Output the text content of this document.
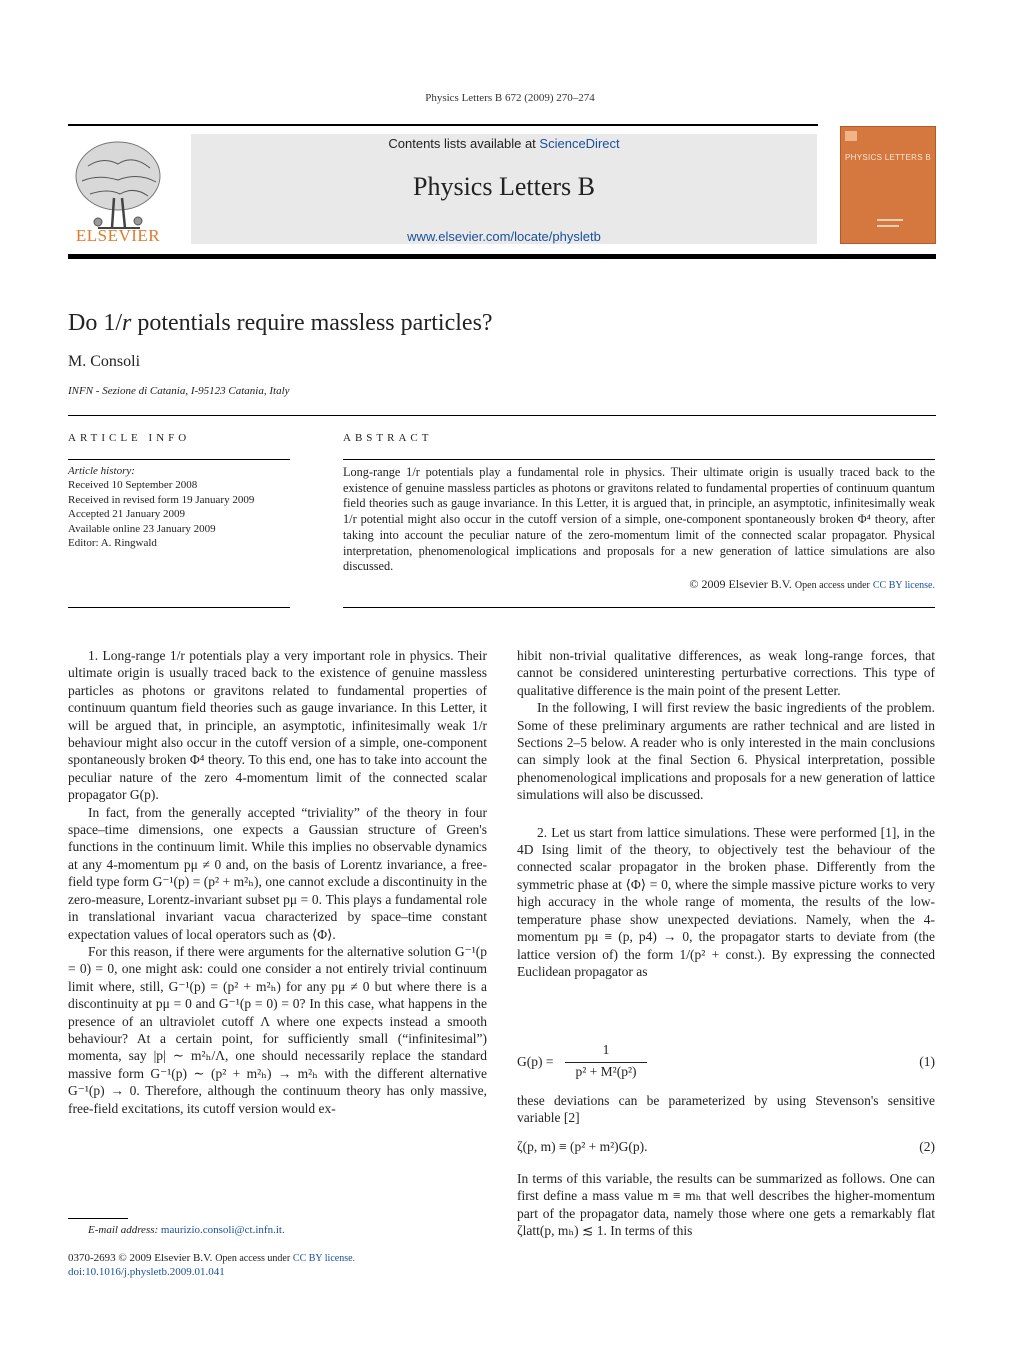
Physics Letters B 672 (2009) 270–274
ELSEVIER
Contents lists available at ScienceDirect
Physics Letters B
www.elsevier.com/locate/physletb
PHYSICS LETTERS B
Do 1/r potentials require massless particles?
M. Consoli
INFN - Sezione di Catania, I-95123 Catania, Italy
ARTICLE INFO
Article history:
Received 10 September 2008
Received in revised form 19 January 2009
Accepted 21 January 2009
Available online 23 January 2009
Editor: A. Ringwald
ABSTRACT
Long-range 1/r potentials play a fundamental role in physics. Their ultimate origin is usually traced back to the existence of genuine massless particles as photons or gravitons related to fundamental properties of continuum quantum field theories such as gauge invariance. In this Letter, it is argued that, in principle, an asymptotic, infinitesimally weak 1/r potential might also occur in the cutoff version of a simple, one-component spontaneously broken Φ⁴ theory, after taking into account the peculiar nature of the zero-momentum limit of the connected scalar propagator. Physical interpretation, phenomenological implications and proposals for a new generation of lattice simulations are also discussed.
© 2009 Elsevier B.V. Open access under CC BY license.

1. Long-range 1/r potentials play a very important role in physics. Their ultimate origin is usually traced back to the existence of genuine massless particles as photons or gravitons related to fundamental properties of continuum quantum field theories such as gauge invariance. In this Letter, it will be argued that, in principle, an asymptotic, infinitesimally weak 1/r behaviour might also occur in the cutoff version of a simple, one-component spontaneously broken Φ⁴ theory. To this end, one has to take into account the peculiar nature of the zero 4-momentum limit of the connected scalar propagator G(p).

In fact, from the generally accepted “triviality” of the theory in four space–time dimensions, one expects a Gaussian structure of Green's functions in the continuum limit. While this implies no observable dynamics at any 4-momentum pμ ≠ 0 and, on the basis of Lorentz invariance, a free-field type form G⁻¹(p) = (p² + m²ₕ), one cannot exclude a discontinuity in the zero-measure, Lorentz-invariant subset pμ = 0. This plays a fundamental role in translational invariant vacua characterized by space–time constant expectation values of local operators such as ⟨Φ⟩.

For this reason, if there were arguments for the alternative solution G⁻¹(p = 0) = 0, one might ask: could one consider a not entirely trivial continuum limit where, still, G⁻¹(p) = (p² + m²ₕ) for any pμ ≠ 0 but where there is a discontinuity at pμ = 0 and G⁻¹(p = 0) = 0? In this case, what happens in the presence of an ultraviolet cutoff Λ where one expects instead a smooth behaviour? At a certain point, for sufficiently small (“infinitesimal”) momenta, say |p| ∼ m²ₕ/Λ, one should necessarily replace the standard massive form G⁻¹(p) ∼ (p² + m²ₕ) → m²ₕ with the different alternative G⁻¹(p) → 0. Therefore, although the continuum theory has only massive, free-field excitations, its cutoff version would ex-

hibit non-trivial qualitative differences, as weak long-range forces, that cannot be considered uninteresting perturbative corrections. This type of qualitative difference is the main point of the present Letter.

In the following, I will first review the basic ingredients of the problem. Some of these preliminary arguments are rather technical and are listed in Sections 2–5 below. A reader who is only interested in the main conclusions can simply look at the final Section 6. Physical interpretation, possible phenomenological implications and proposals for a new generation of lattice simulations will also be discussed.

2. Let us start from lattice simulations. These were performed [1], in the 4D Ising limit of the theory, to objectively test the behaviour of the connected scalar propagator in the broken phase. Differently from the symmetric phase at ⟨Φ⟩ = 0, where the simple massive picture works to very high accuracy in the whole range of momenta, the results of the low-temperature phase show unexpected deviations. Namely, when the 4-momentum pμ ≡ (p, p4) → 0, the propagator starts to deviate from (the lattice version of) the form 1/(p² + const.). By expressing the connected Euclidean propagator as

G(p) =
1
p² + M²(p²)
(1)

these deviations can be parameterized by using Stevenson's sensitive variable [2]

ζ(p, m) ≡ (p² + m²)G(p).	(2)

In terms of this variable, the results can be summarized as follows. One can first define a mass value m ≡ mₕ that well describes the higher-momentum part of the propagator data, namely those where one gets a remarkably flat ζlatt(p, mₕ) ≲ 1. In terms of this

E-mail address: maurizio.consoli@ct.infn.it.
0370-2693 © 2009 Elsevier B.V. Open access under CC BY license.
doi:10.1016/j.physletb.2009.01.041
